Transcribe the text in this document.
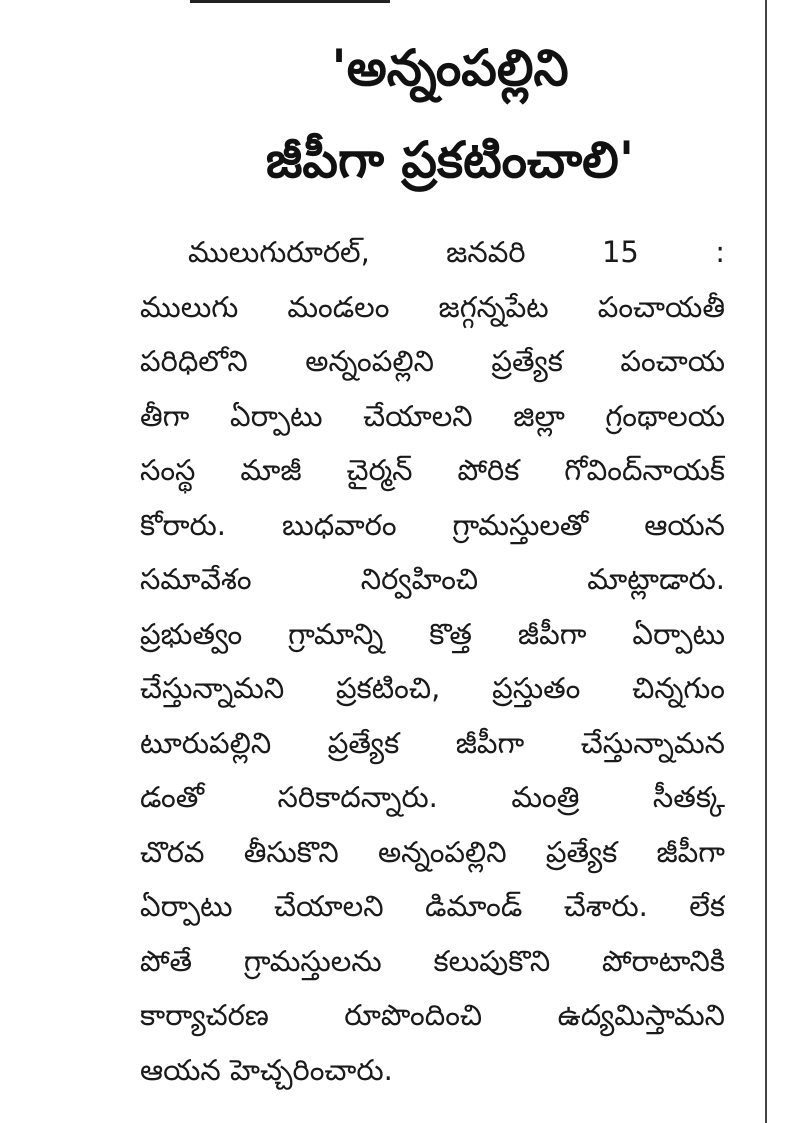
'అన్నంపల్లిని
జీపీగా ప్రకటించాలి'
ములుగురూరల్, జనవరి 15 :
ములుగు మండలం జగ్గన్నపేట పంచాయతీ
పరిధిలోని అన్నంపల్లిని ప్రత్యేక పంచాయ
తీగా ఏర్పాటు చేయాలని జిల్లా గ్రంథాలయ
సంస్థ మాజీ చైర్మన్ పోరిక గోవింద్‌నాయక్
కోరారు. బుధవారం గ్రామస్తులతో ఆయన
సమావేశం నిర్వహించి మాట్లాడారు.
ప్రభుత్వం గ్రామాన్ని కొత్త జీపీగా ఏర్పాటు
చేస్తున్నామని ప్రకటించి, ప్రస్తుతం చిన్నగుం
టూరుపల్లిని ప్రత్యేక జీపీగా చేస్తున్నామన
డంతో సరికాదన్నారు. మంత్రి సీతక్క
చొరవ తీసుకొని అన్నంపల్లిని ప్రత్యేక జీపీగా
ఏర్పాటు చేయాలని డిమాండ్ చేశారు. లేక
పోతే గ్రామస్తులను కలుపుకొని పోరాటానికి
కార్యాచరణ రూపొందించి ఉద్యమిస్తామని
ఆయన హెచ్చరించారు.
